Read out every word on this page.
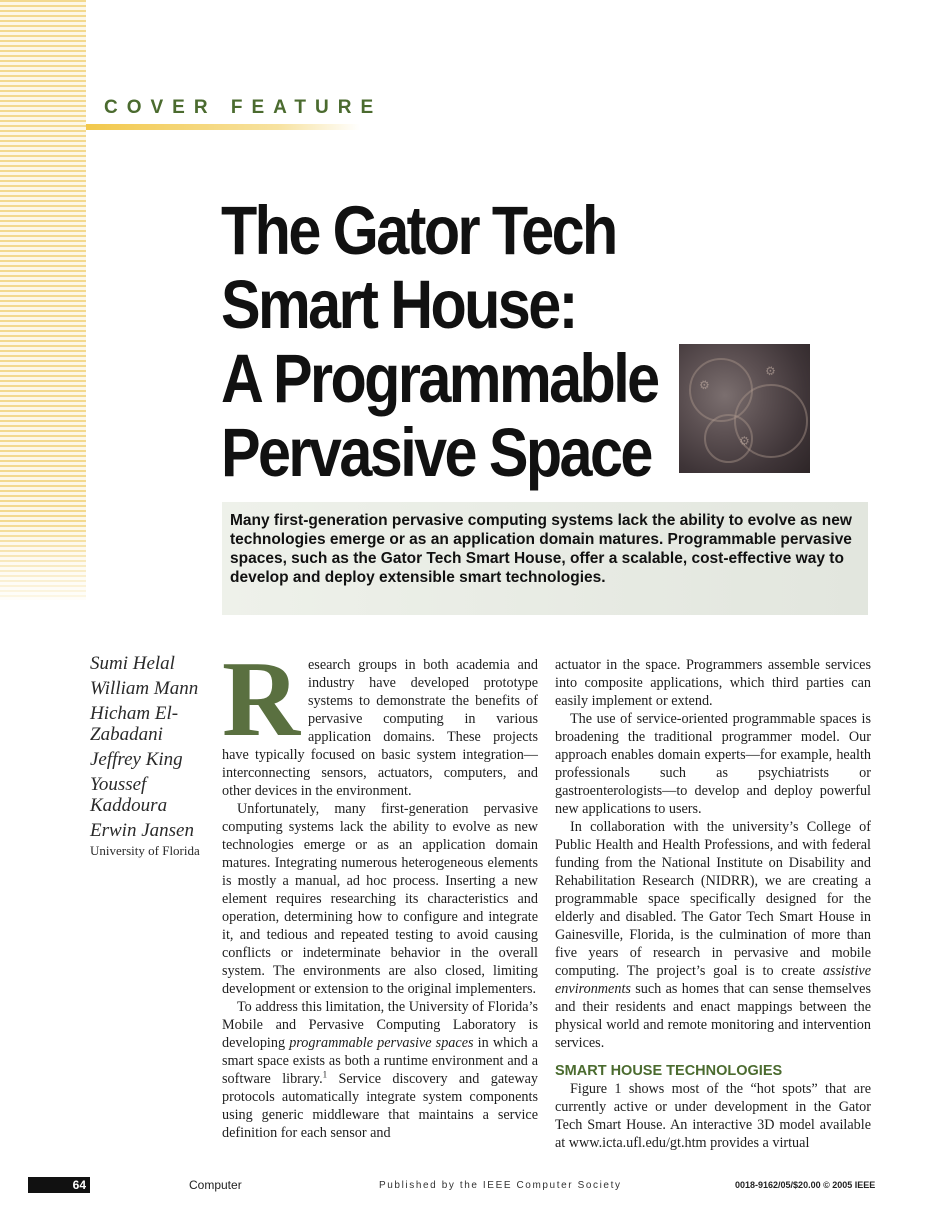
COVER FEATURE
The Gator Tech
Smart House:
A Programmable
Pervasive Space
⚙
⚙
⚙

Many first-generation pervasive computing systems lack the ability to evolve as new technologies emerge or as an application domain matures. Programmable pervasive spaces, such as the Gator Tech Smart House, offer a scalable, cost-effective way to develop and deploy extensible smart technologies.

Sumi Helal

William Mann

Hicham El-Zabadani

Jeffrey King

Youssef Kaddoura

Erwin Jansen

University of Florida

Research groups in both academia and industry have developed prototype systems to demonstrate the benefits of pervasive computing in various application domains. These projects have typically focused on basic system integration—interconnecting sensors, actuators, computers, and other devices in the environment.

Unfortunately, many first-generation pervasive computing systems lack the ability to evolve as new technologies emerge or as an application domain matures. Integrating numerous heterogeneous elements is mostly a manual, ad hoc process. Inserting a new element requires researching its characteristics and operation, determining how to configure and integrate it, and tedious and repeated testing to avoid causing conflicts or indeterminate behavior in the overall system. The environments are also closed, limiting development or extension to the original implementers.

To address this limitation, the University of Florida’s Mobile and Pervasive Computing Laboratory is developing programmable pervasive spaces in which a smart space exists as both a runtime environment and a software library.$^1$ Service discovery and gateway protocols automatically integrate system components using generic middleware that maintains a service definition for each sensor and

actuator in the space. Programmers assemble services into composite applications, which third parties can easily implement or extend.

The use of service-oriented programmable spaces is broadening the traditional programmer model. Our approach enables domain experts—for example, health professionals such as psychiatrists or gastroenterologists—to develop and deploy powerful new applications to users.

In collaboration with the university’s College of Public Health and Health Professions, and with federal funding from the National Institute on Disability and Rehabilitation Research (NIDRR), we are creating a programmable space specifically designed for the elderly and disabled. The Gator Tech Smart House in Gainesville, Florida, is the culmination of more than five years of research in pervasive and mobile computing. The project’s goal is to create assistive environments such as homes that can sense themselves and their residents and enact mappings between the physical world and remote monitoring and intervention services.

SMART HOUSE TECHNOLOGIES

Figure 1 shows most of the “hot spots” that are currently active or under development in the Gator Tech Smart House. An interactive 3D model available at www.icta.ufl.edu/gt.htm provides a virtual

64	Computer	Published by the IEEE Computer Society	0018-9162/05/$20.00 © 2005 IEEE
